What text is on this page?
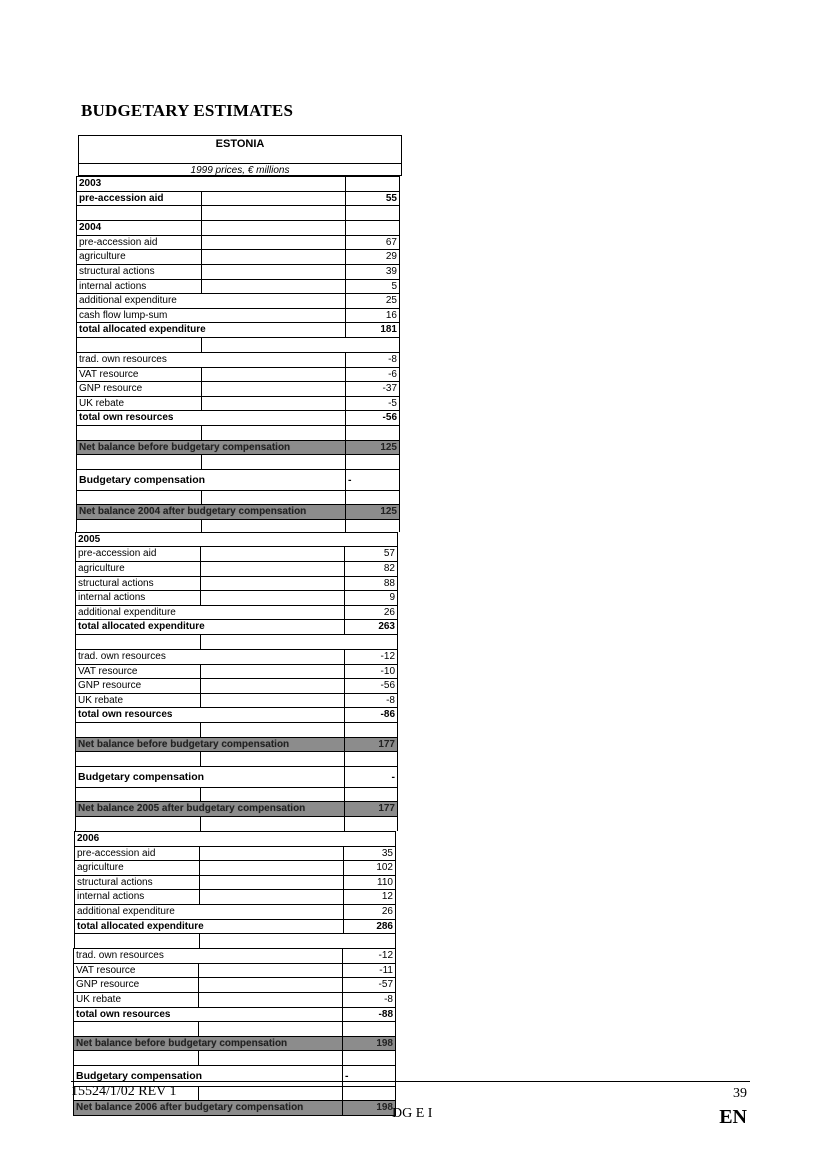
BUDGETARY ESTIMATES
ESTONIA
1999 prices, € millions
2003
pre-accession aid	55
2004
pre-accession aid	67
agriculture	29
structural actions	39
internal actions	5
additional expenditure	25
cash flow lump-sum	16
total allocated expenditure	181
trad. own resources	-8
VAT resource	-6
GNP resource	-37
UK rebate	-5
total own resources	-56
Net balance before budgetary compensation	125
Budgetary compensation	-
Net balance 2004 after budgetary compensation	125
2005
pre-accession aid	57
agriculture	82
structural actions	88
internal actions	9
additional expenditure	26
total allocated expenditure	263
trad. own resources	-12
VAT resource	-10
GNP resource	-56
UK rebate	-8
total own resources	-86
Net balance before budgetary compensation	177
Budgetary compensation	-
Net balance 2005 after budgetary compensation	177
2006
pre-accession aid	35
agriculture	102
structural actions	110
internal actions	12
additional expenditure	26
total allocated expenditure	286
trad. own resources	-12
VAT resource	-11
GNP resource	-57
UK rebate	-8
total own resources	-88
Net balance before budgetary compensation	198
Budgetary compensation	-
Net balance 2006 after budgetary compensation	198
15524/1/02 REV 1	39
DG E I	EN
